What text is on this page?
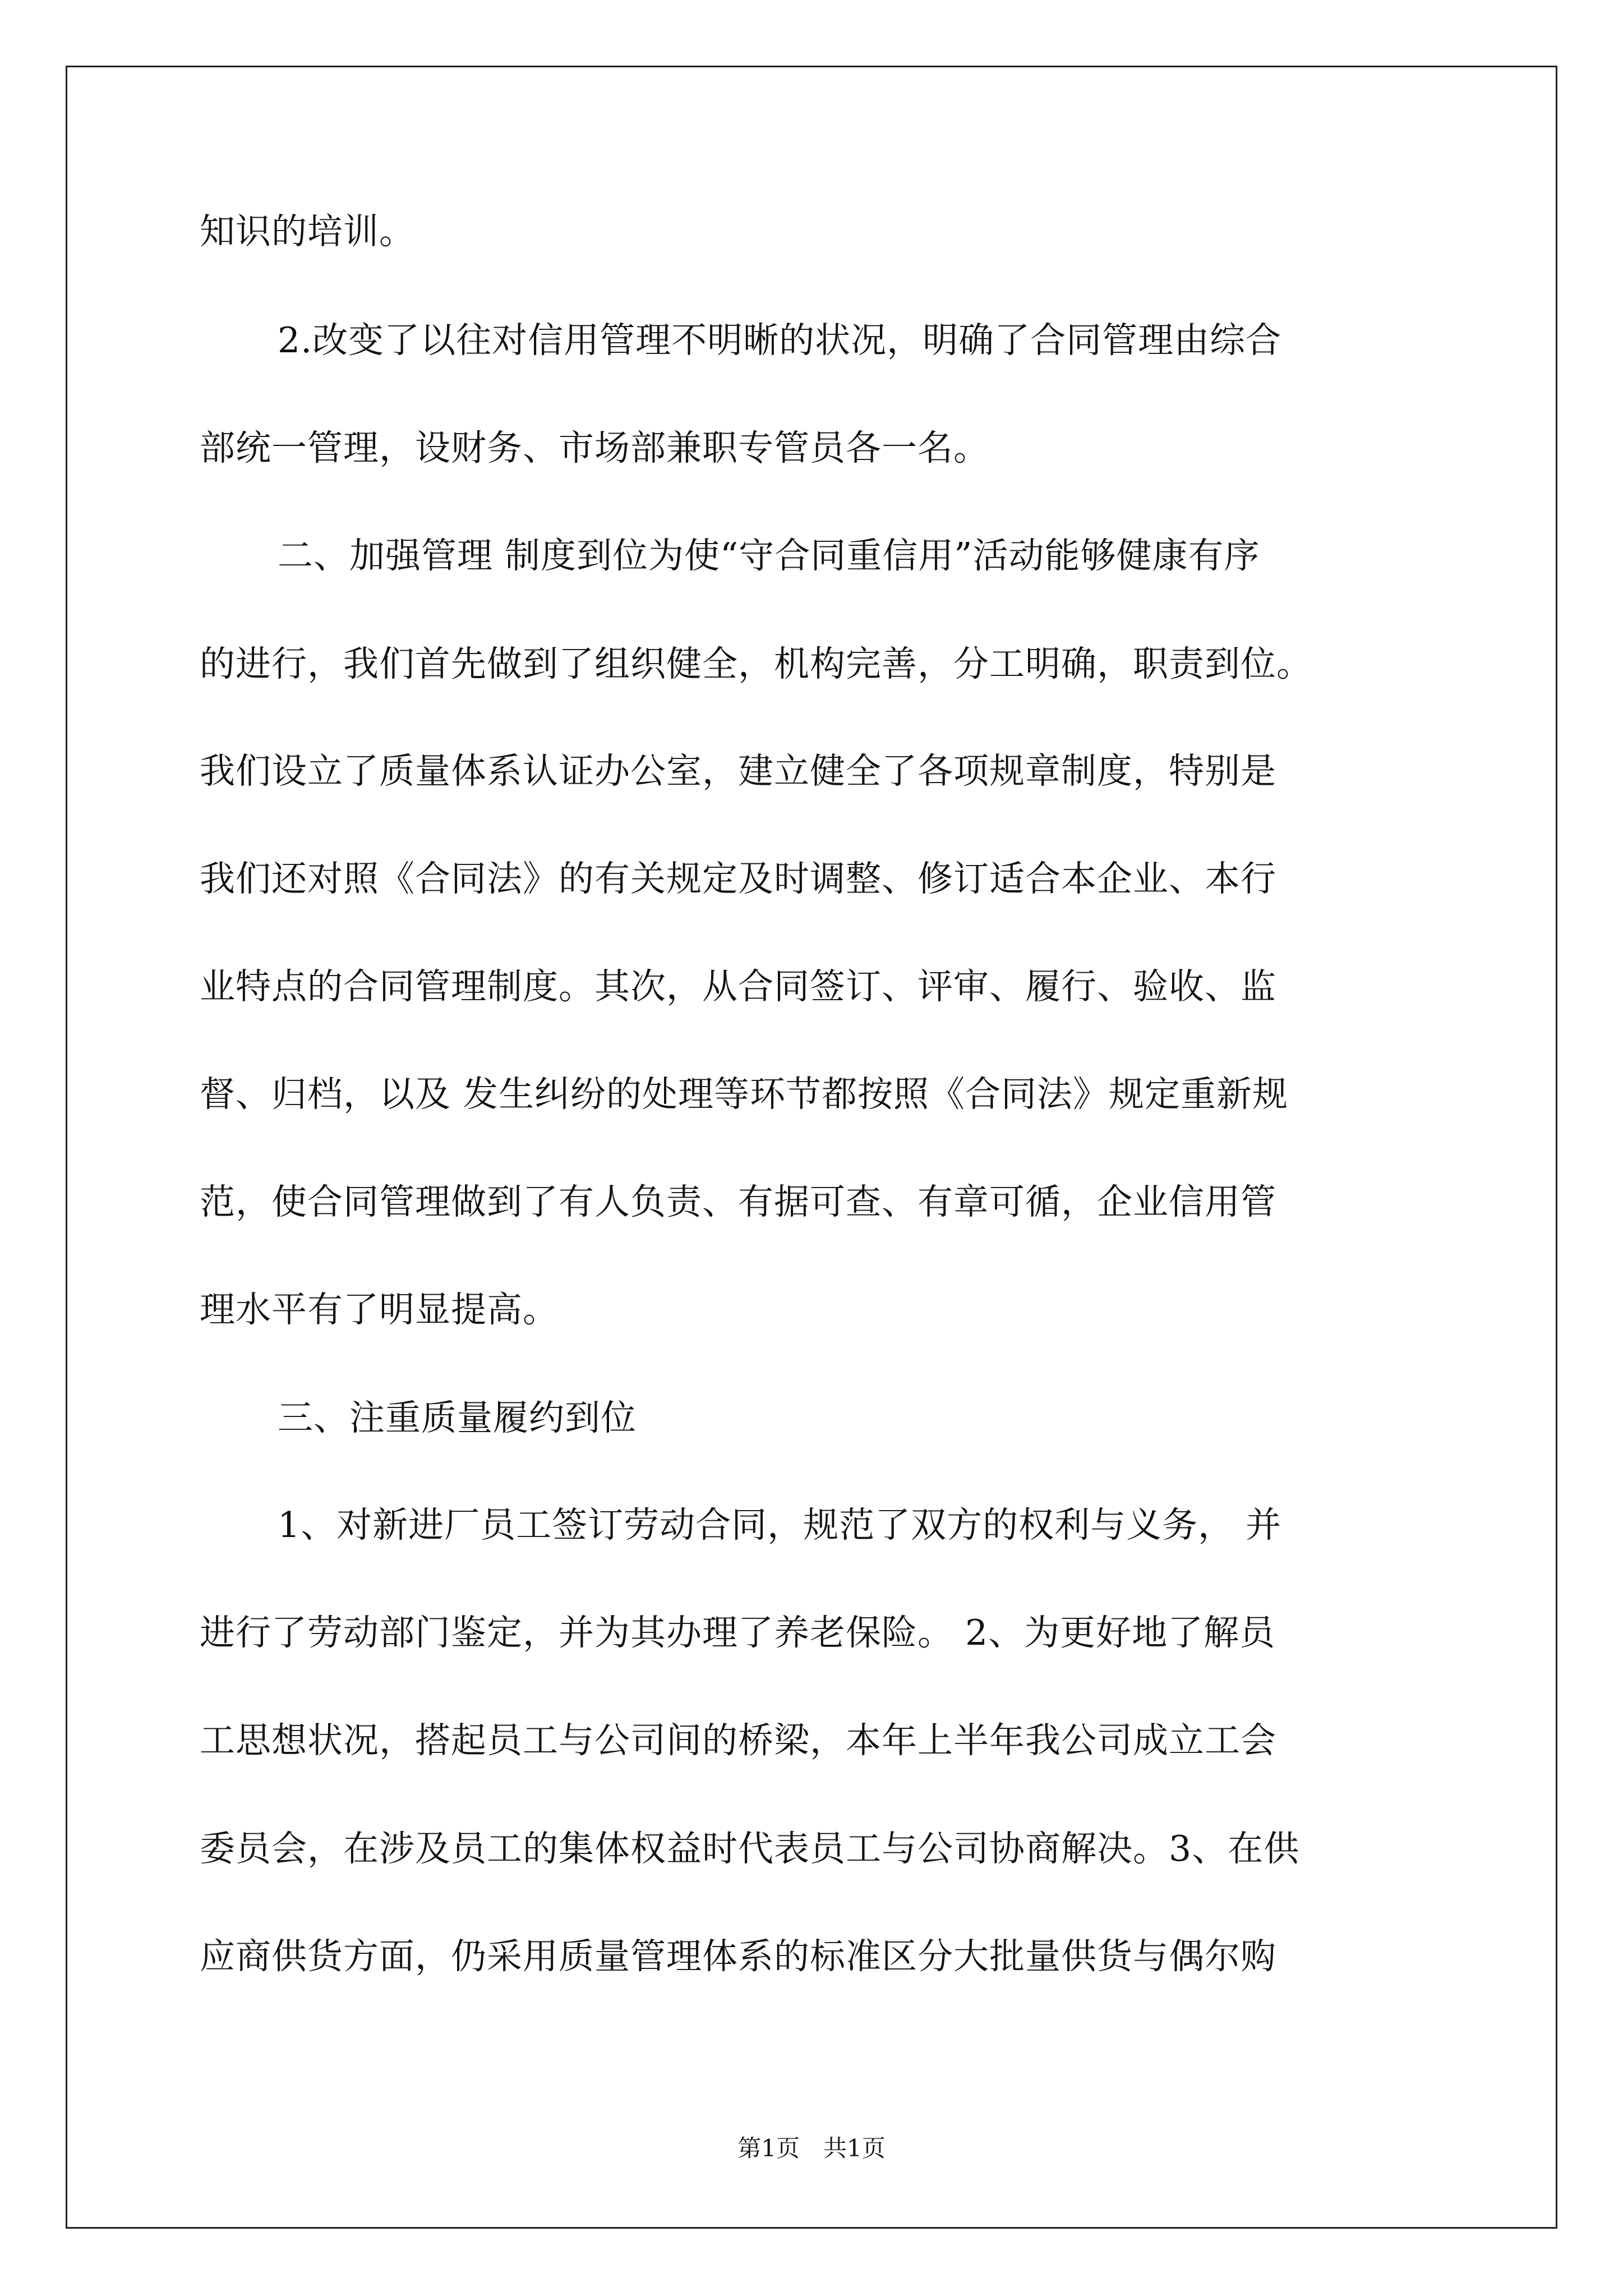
知识的培训。
2.改变了以往对信用管理不明晰的状况，明确了合同管理由综合
部统一管理，设财务、市场部兼职专管员各一名。
二、加强管理 制度到位为使“守合同重信用”活动能够健康有序
的进行，我们首先做到了组织健全，机构完善，分工明确，职责到位。
我们设立了质量体系认证办公室，建立健全了各项规章制度，特别是
我们还对照《合同法》的有关规定及时调整、修订适合本企业、本行
业特点的合同管理制度。其次，从合同签订、评审、履行、验收、监
督、归档，以及 发生纠纷的处理等环节都按照《合同法》规定重新规
范，使合同管理做到了有人负责、有据可查、有章可循，企业信用管
理水平有了明显提高。
三、注重质量履约到位
1、对新进厂员工签订劳动合同，规范了双方的权利与义务， 并
进行了劳动部门鉴定，并为其办理了养老保险。 2、为更好地了解员
工思想状况，搭起员工与公司间的桥梁，本年上半年我公司成立工会
委员会，在涉及员工的集体权益时代表员工与公司协商解决。3、在供
应商供货方面，仍采用质量管理体系的标准区分大批量供货与偶尔购
第1页　共1页
